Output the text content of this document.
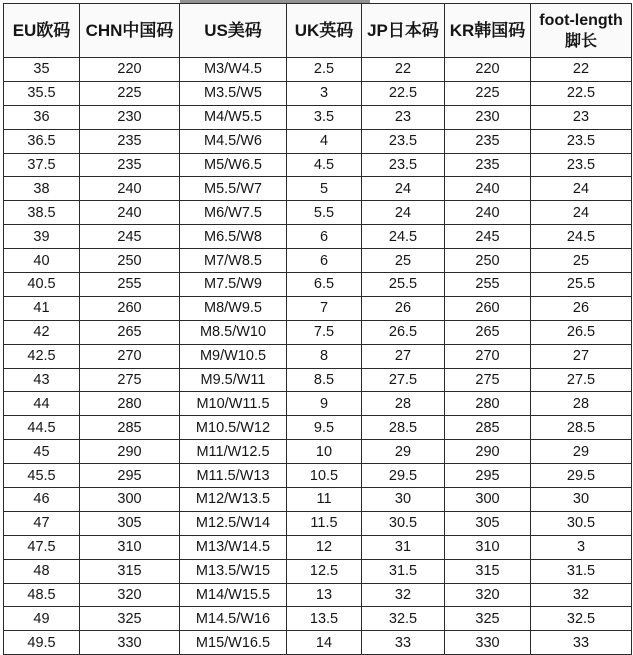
EU欧码	CHN中国码	US美码	UK英码	JP日本码	KR韩国码	foot-length
脚长
35	220	M3/W4.5	2.5	22	220	22
35.5	225	M3.5/W5	3	22.5	225	22.5
36	230	M4/W5.5	3.5	23	230	23
36.5	235	M4.5/W6	4	23.5	235	23.5
37.5	235	M5/W6.5	4.5	23.5	235	23.5
38	240	M5.5/W7	5	24	240	24
38.5	240	M6/W7.5	5.5	24	240	24
39	245	M6.5/W8	6	24.5	245	24.5
40	250	M7/W8.5	6	25	250	25
40.5	255	M7.5/W9	6.5	25.5	255	25.5
41	260	M8/W9.5	7	26	260	26
42	265	M8.5/W10	7.5	26.5	265	26.5
42.5	270	M9/W10.5	8	27	270	27
43	275	M9.5/W11	8.5	27.5	275	27.5
44	280	M10/W11.5	9	28	280	28
44.5	285	M10.5/W12	9.5	28.5	285	28.5
45	290	M11/W12.5	10	29	290	29
45.5	295	M11.5/W13	10.5	29.5	295	29.5
46	300	M12/W13.5	11	30	300	30
47	305	M12.5/W14	11.5	30.5	305	30.5
47.5	310	M13/W14.5	12	31	310	3
48	315	M13.5/W15	12.5	31.5	315	31.5
48.5	320	M14/W15.5	13	32	320	32
49	325	M14.5/W16	13.5	32.5	325	32.5
49.5	330	M15/W16.5	14	33	330	33
